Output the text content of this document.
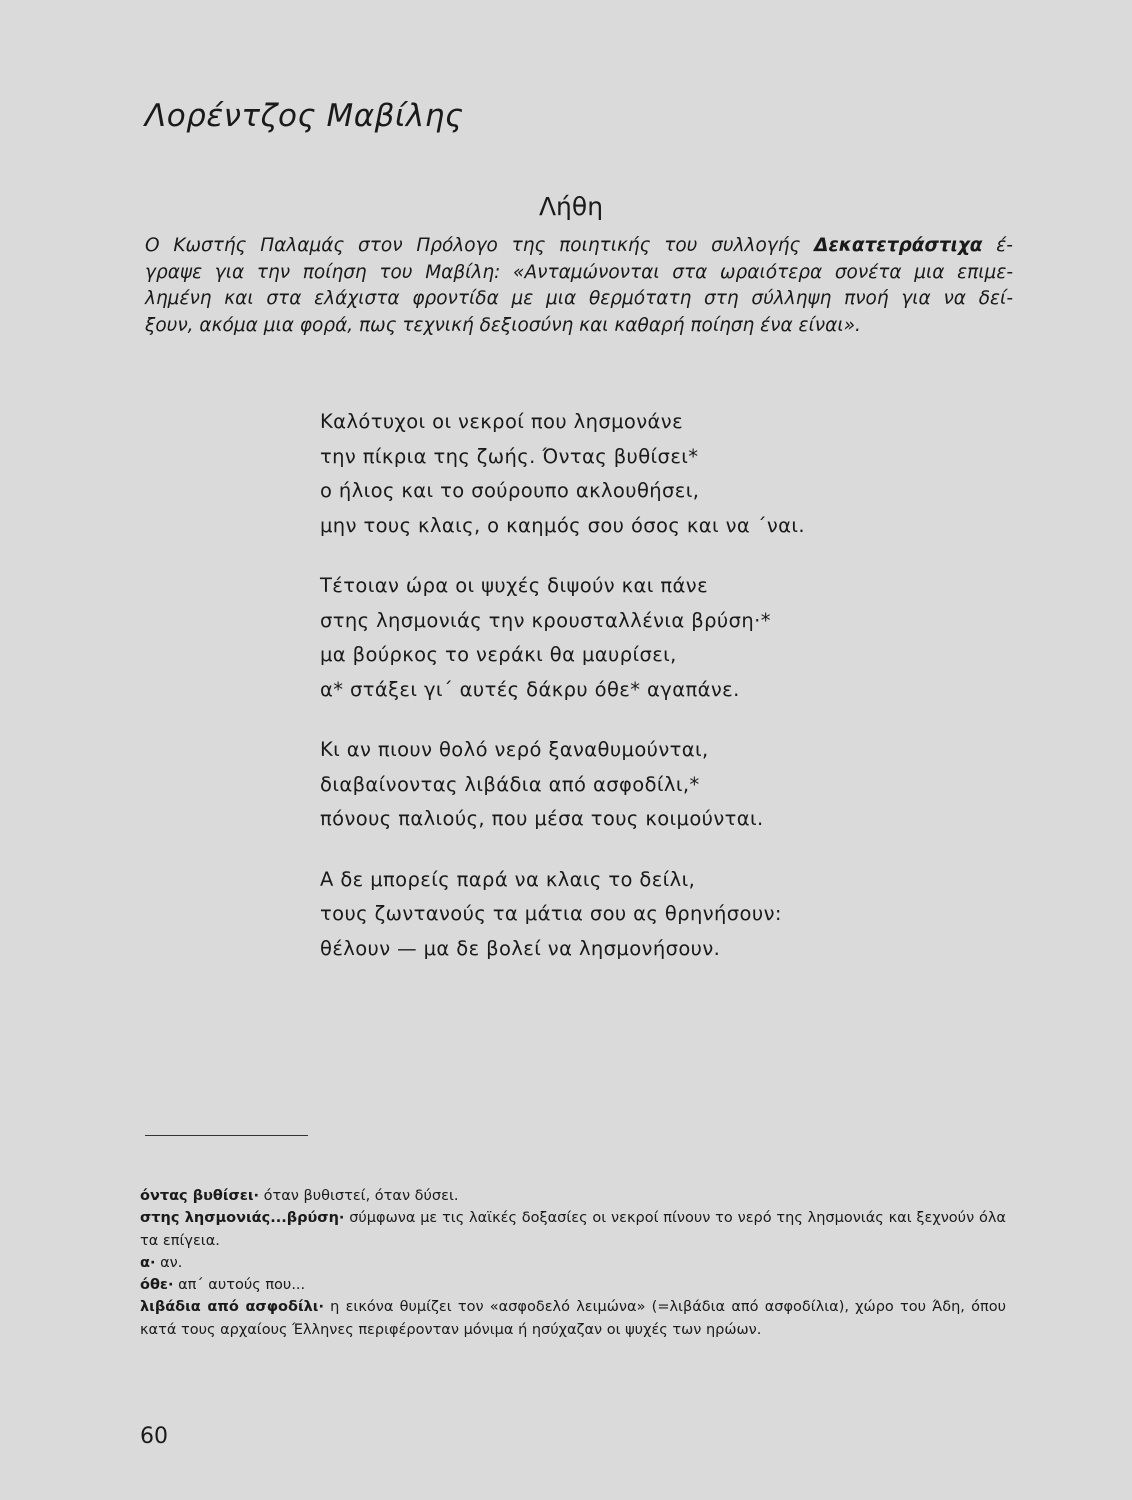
Λορέντζος Μαβίλης
Λήθη
Ο Κωστής Παλαμάς στον Πρόλογο της ποιητικής του συλλογής Δεκατετράστιχα έ-
γραψε για την ποίηση του Μαβίλη: «Ανταμώνονται στα ωραιότερα σονέτα μια επιμε-
λημένη και στα ελάχιστα φροντίδα με μια θερμότατη στη σύλληψη πνοή για να δεί-
ξουν, ακόμα μια φορά, πως τεχνική δεξιοσύνη και καθαρή ποίηση ένα είναι».
Καλότυχοι οι νεκροί που λησμονάνε
την πίκρια της ζωής. Όντας βυθίσει*
ο ήλιος και το σούρουπο ακλουθήσει,
μην τους κλαις, ο καημός σου όσος και να ΄ναι.
Τέτοιαν ώρα οι ψυχές διψούν και πάνε
στης λησμονιάς την κρουσταλλένια βρύση·*
μα βούρκος το νεράκι θα μαυρίσει,
α* στάξει γι΄ αυτές δάκρυ όθε* αγαπάνε.
Κι αν πιουν θολό νερό ξαναθυμούνται,
διαβαίνοντας λιβάδια από ασφοδίλι,*
πόνους παλιούς, που μέσα τους κοιμούνται.
Α δε μπορείς παρά να κλαις το δείλι,
τους ζωντανούς τα μάτια σου ας θρηνήσουν:
θέλουν — μα δε βολεί να λησμονήσουν.
όντας βυθίσει· όταν βυθιστεί, όταν δύσει.
στης λησμονιάς...βρύση· σύμφωνα με τις λαϊκές δοξασίες οι νεκροί πίνουν το νερό της λησμονιάς και ξεχνούν όλα τα επίγεια.
α· αν.
όθε· απ΄ αυτούς που...
λιβάδια από ασφοδίλι· η εικόνα θυμίζει τον «ασφοδελό λειμώνα» (=λιβάδια από ασφοδίλια), χώρο του Άδη, όπου κατά τους αρχαίους Έλληνες περιφέρονταν μόνιμα ή ησύχαζαν οι ψυχές των ηρώων.
60
